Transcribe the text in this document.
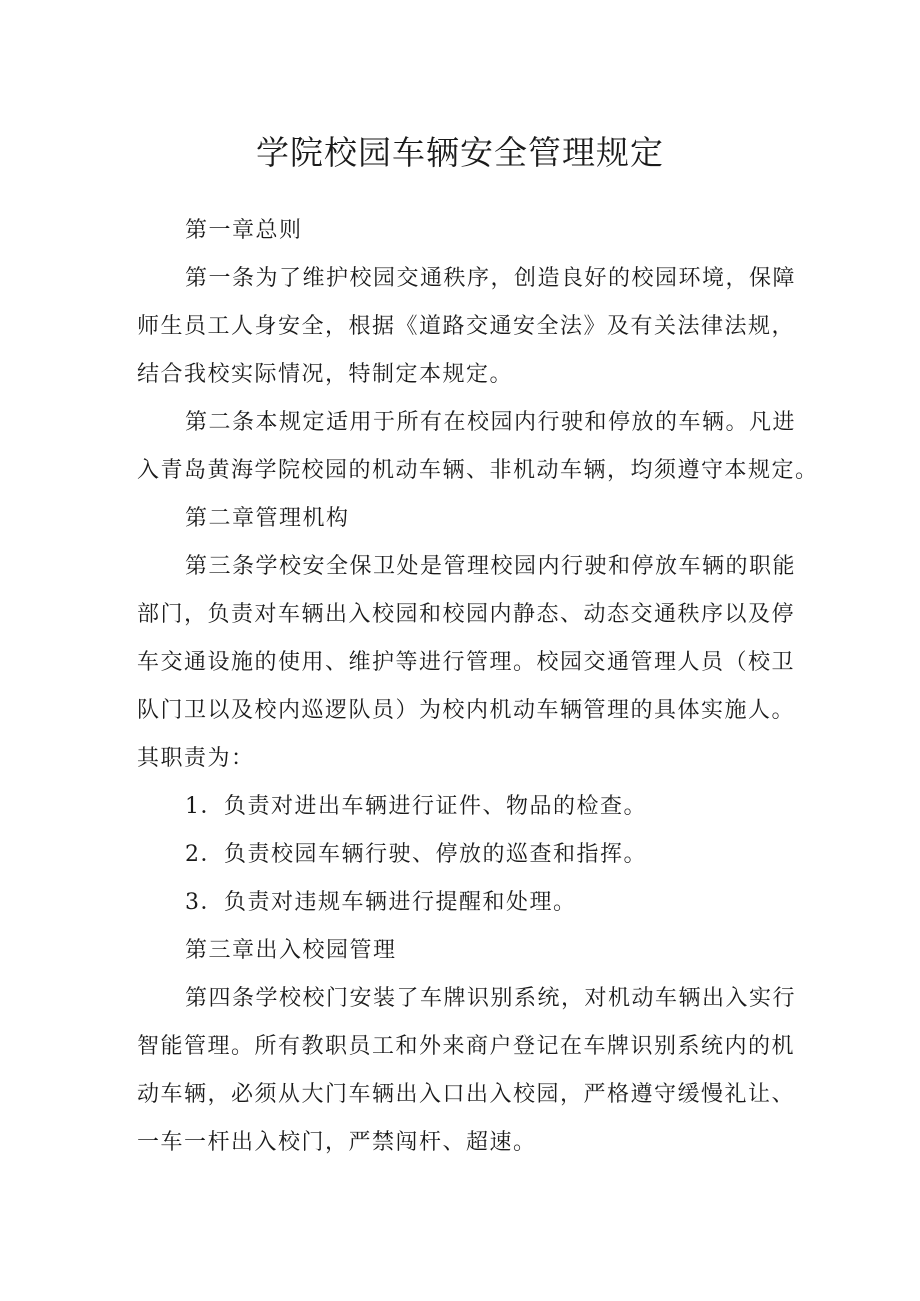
学院校园车辆安全管理规定
第一章总则
第一条为了维护校园交通秩序，创造良好的校园环境，保障
师生员工人身安全，根据《道路交通安全法》及有关法律法规，
结合我校实际情况，特制定本规定。
第二条本规定适用于所有在校园内行驶和停放的车辆。凡进
入青岛黄海学院校园的机动车辆、非机动车辆，均须遵守本规定。
第二章管理机构
第三条学校安全保卫处是管理校园内行驶和停放车辆的职能
部门，负责对车辆出入校园和校园内静态、动态交通秩序以及停
车交通设施的使用、维护等进行管理。校园交通管理人员（校卫
队门卫以及校内巡逻队员）为校内机动车辆管理的具体实施人。
其职责为：
1．负责对进出车辆进行证件、物品的检查。
2．负责校园车辆行驶、停放的巡查和指挥。
3．负责对违规车辆进行提醒和处理。
第三章出入校园管理
第四条学校校门安装了车牌识别系统，对机动车辆出入实行
智能管理。所有教职员工和外来商户登记在车牌识别系统内的机
动车辆，必须从大门车辆出入口出入校园，严格遵守缓慢礼让、
一车一杆出入校门，严禁闯杆、超速。
